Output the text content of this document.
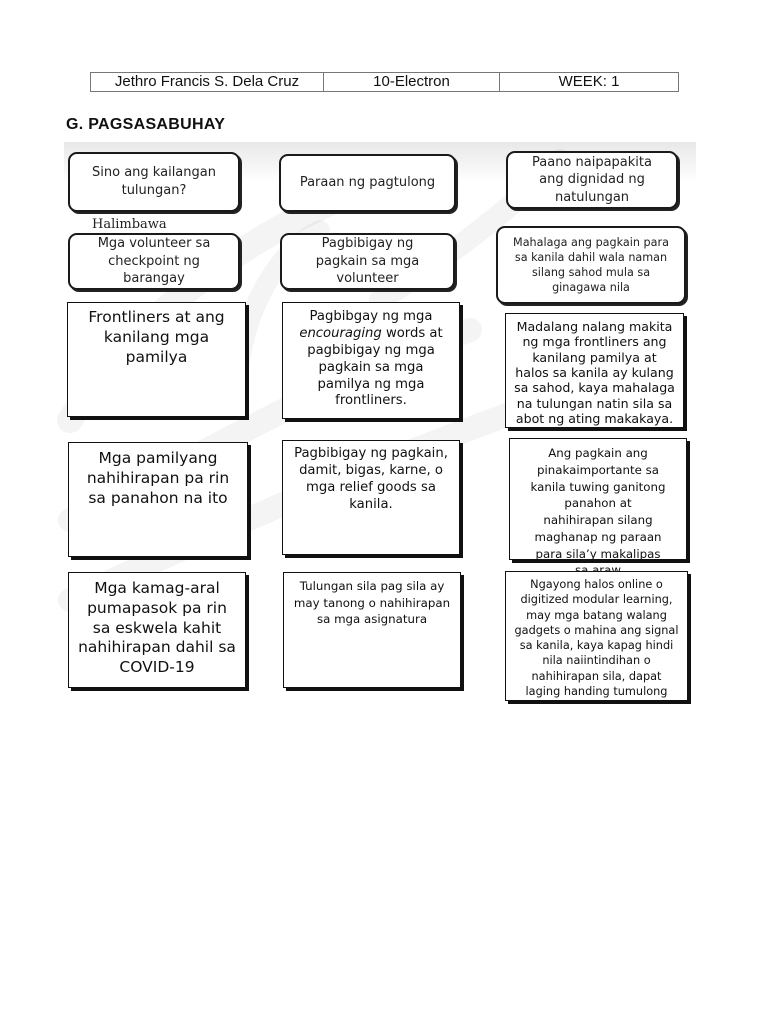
Jethro Francis S. Dela Cruz	10-Electron	WEEK: 1
G. PAGSASABUHAY
Sino ang kailangan tulungan?
Paraan ng pagtulong
Paano naipapakita ang dignidad ng natulungan
Halimbawa
Mga volunteer sa checkpoint ng barangay
Pagbibigay ng pagkain sa mga volunteer
Mahalaga ang pagkain para sa kanila dahil wala naman silang sahod mula sa ginagawa nila
Frontliners at ang kanilang mga pamilya
Pagbibgay ng mga encouraging words at pagbibigay ng mga pagkain sa mga pamilya ng mga frontliners.
Madalang nalang makita ng mga frontliners ang kanilang pamilya at halos sa kanila ay kulang sa sahod, kaya mahalaga na tulungan natin sila sa abot ng ating makakaya.
Mga pamilyang nahihirapan pa rin sa panahon na ito
Pagbibigay ng pagkain, damit, bigas, karne, o mga relief goods sa kanila.
Ang pagkain ang pinakaimportante sa kanila tuwing ganitong panahon at nahihirapan silang maghanap ng paraan para sila’y makalipas
Mga kamag-aral pumapasok pa rin sa eskwela kahit nahihirapan dahil sa COVID-19
Tulungan sila pag sila ay may tanong o nahihirapan sa mga asignatura
Ngayong halos online o digitized modular learning, may mga batang walang gadgets o mahina ang signal sa kanila, kaya kapag hindi nila naiintindihan o nahihirapan sila, dapat laging handing tumulong
